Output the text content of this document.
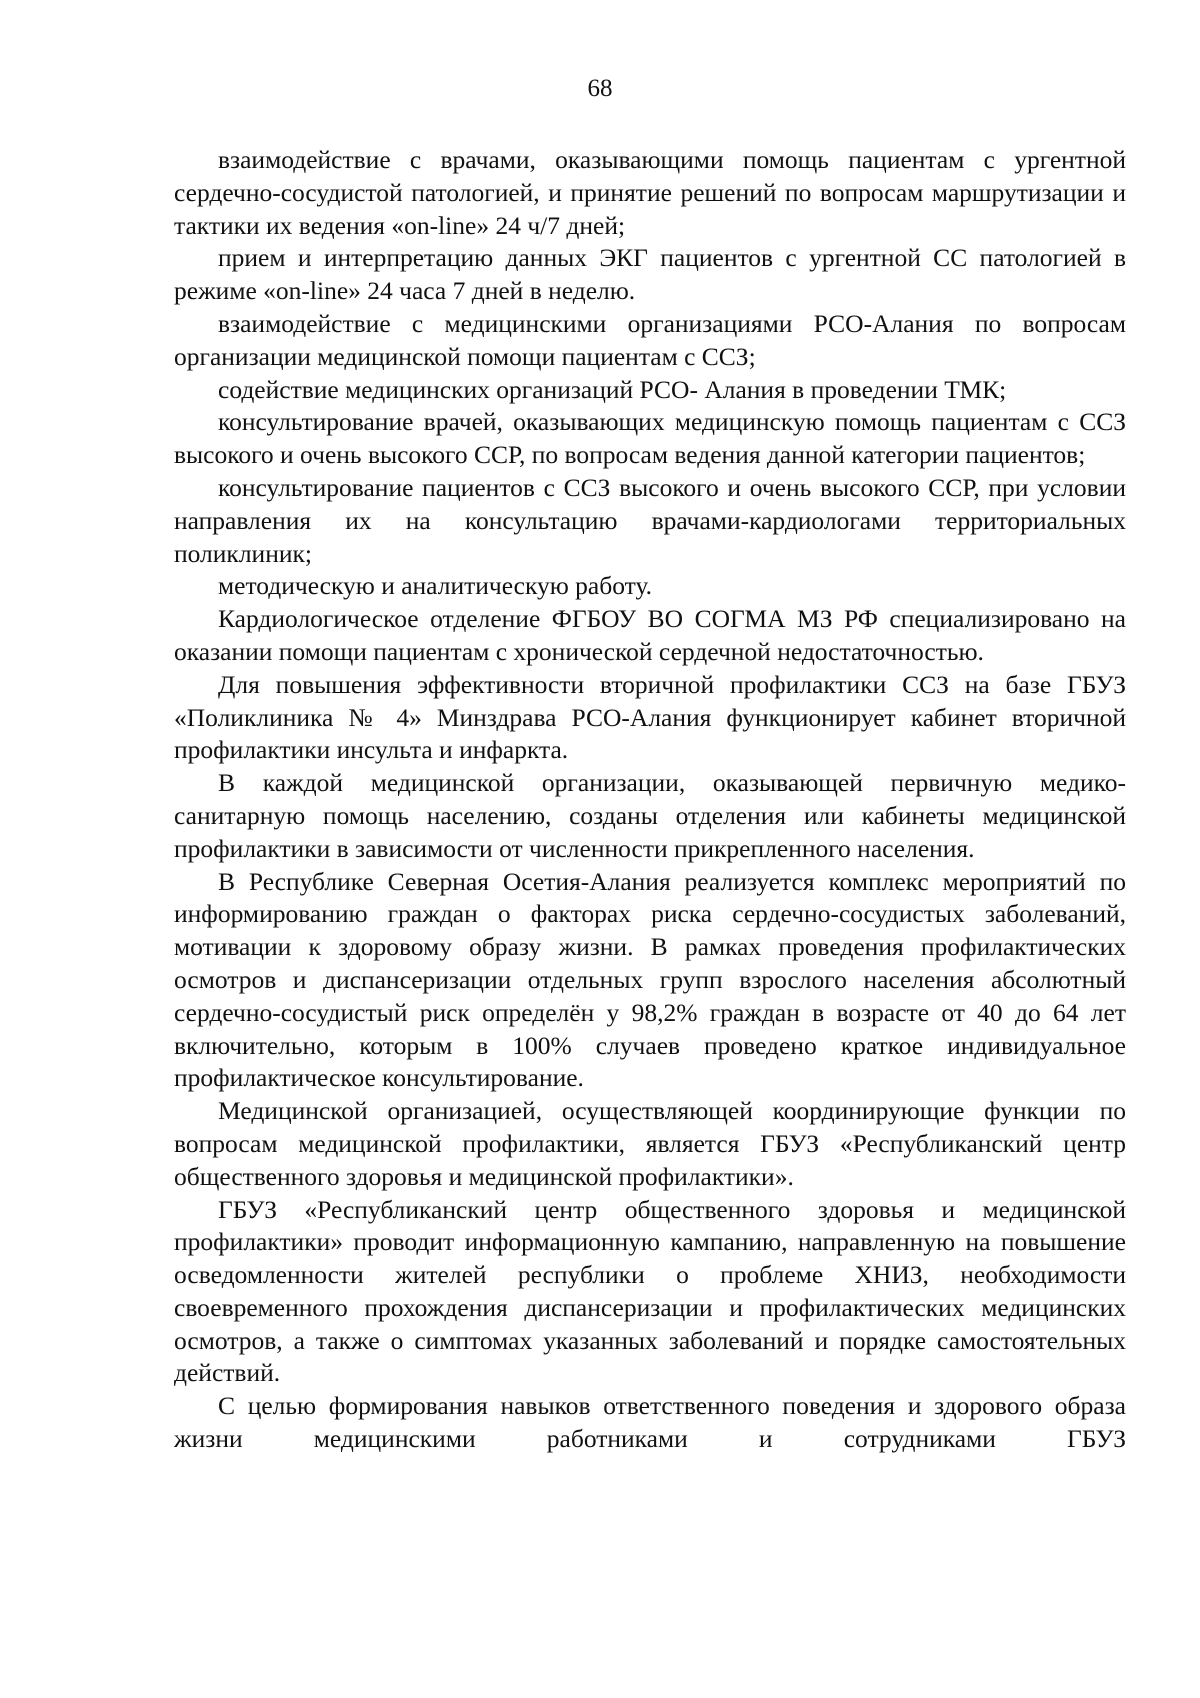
68

взаимодействие с врачами, оказывающими помощь пациентам с ургентной сердечно-сосудистой патологией, и принятие решений по вопросам маршрутизации и тактики их ведения «on-line» 24 ч/7 дней;

прием и интерпретацию данных ЭКГ пациентов с ургентной СС патологией в режиме «on-line» 24 часа 7 дней в неделю.

взаимодействие с медицинскими организациями РСО-Алания по вопросам организации медицинской помощи пациентам с ССЗ;

содействие медицинских организаций РСО- Алания в проведении ТМК;

консультирование врачей, оказывающих медицинскую помощь пациентам с ССЗ высокого и очень высокого ССР, по вопросам ведения данной категории пациентов;

консультирование пациентов с ССЗ высокого и очень высокого ССР, при условии направления их на консультацию врачами-кардиологами территориальных поликлиник;

методическую и аналитическую работу.

Кардиологическое отделение ФГБОУ ВО СОГМА МЗ РФ специализировано на оказании помощи пациентам с хронической сердечной недостаточностью.

Для повышения эффективности вторичной профилактики ССЗ на базе ГБУЗ «Поликлиника № 4» Минздрава РСО-Алания функционирует кабинет вторичной профилактики инсульта и инфаркта.

В каждой медицинской организации, оказывающей первичную медико-санитарную помощь населению, созданы отделения или кабинеты медицинской профилактики в зависимости от численности прикрепленного населения.

В Республике Северная Осетия-Алания реализуется комплекс мероприятий по информированию граждан о факторах риска сердечно-сосудистых заболеваний, мотивации к здоровому образу жизни. В рамках проведения профилактических осмотров и диспансеризации отдельных групп взрослого населения абсолютный сердечно-сосудистый риск определён у 98,2% граждан в возрасте от 40 до 64 лет включительно, которым в 100% случаев проведено краткое индивидуальное профилактическое консультирование.

Медицинской организацией, осуществляющей координирующие функции по вопросам медицинской профилактики, является ГБУЗ «Республиканский центр общественного здоровья и медицинской профилактики».

ГБУЗ «Республиканский центр общественного здоровья и медицинской профилактики» проводит информационную кампанию, направленную на повышение осведомленности жителей республики о проблеме ХНИЗ, необходимости своевременного прохождения диспансеризации и профилактических медицинских осмотров, а также о симптомах указанных заболеваний и порядке самостоятельных действий.

С целью формирования навыков ответственного поведения и здорового образа жизни медицинскими работниками и сотрудниками ГБУЗ
